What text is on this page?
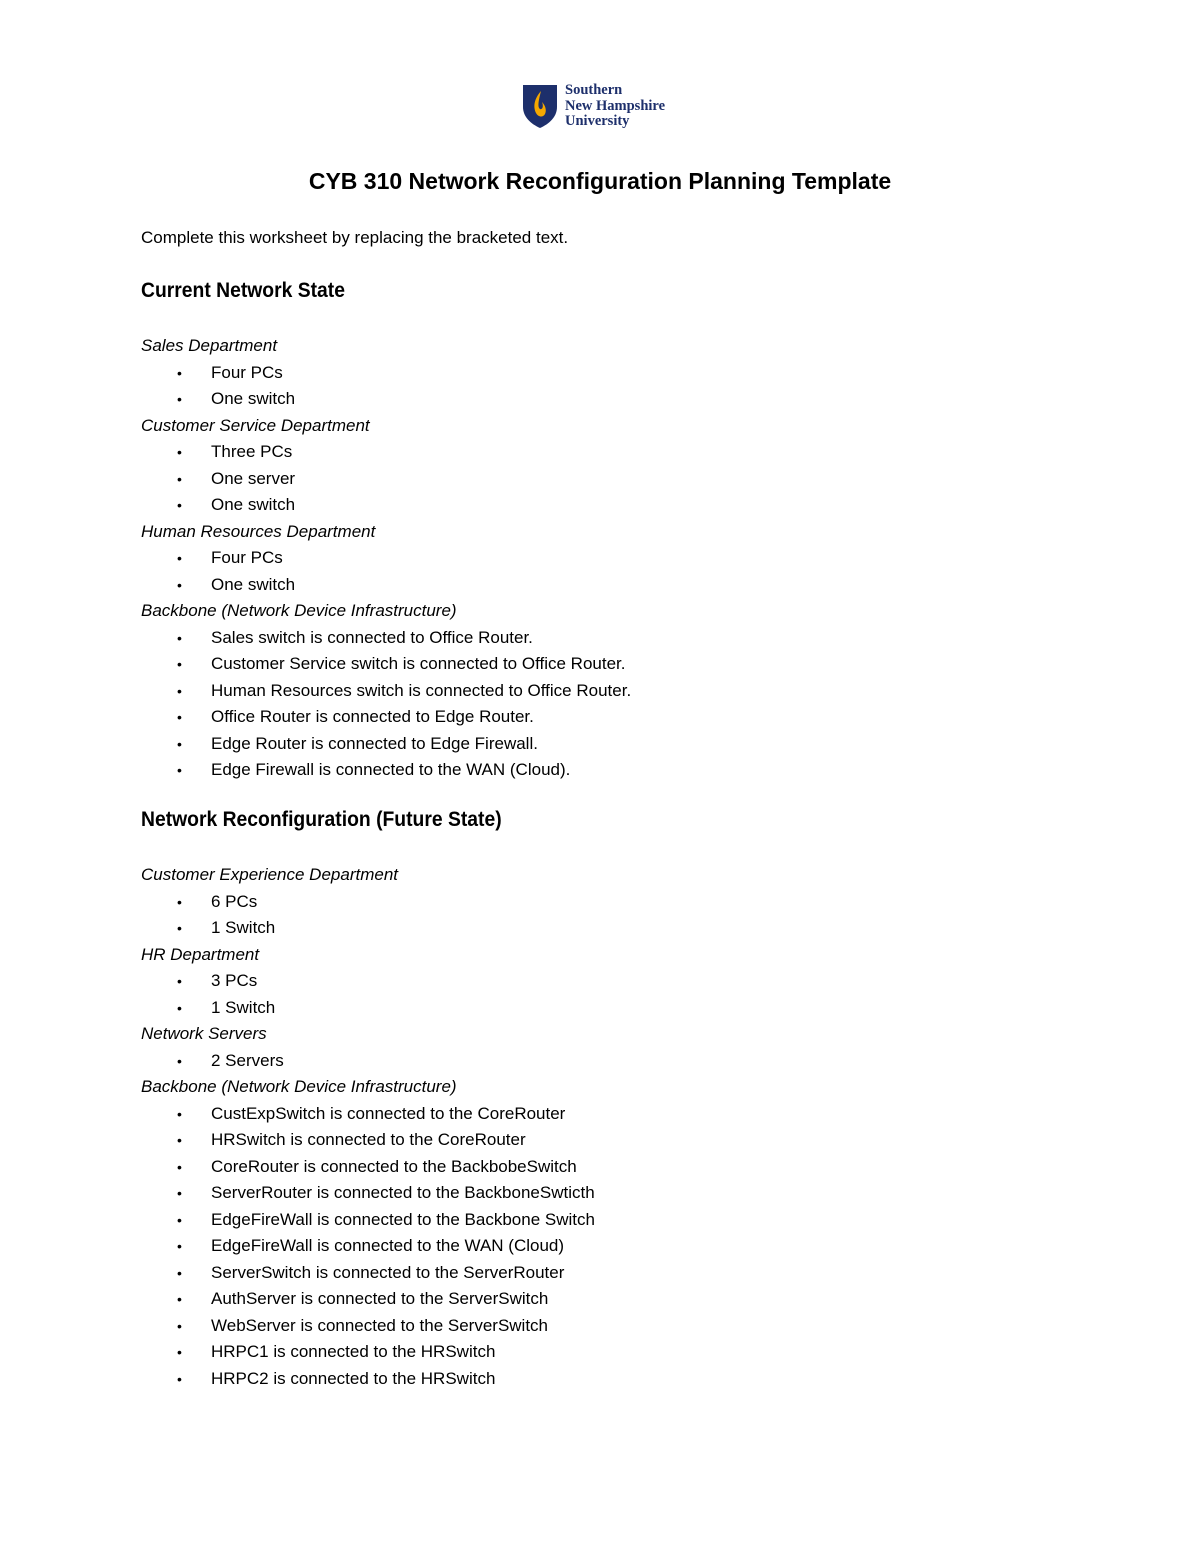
Southern
New Hampshire
University
CYB 310 Network Reconfiguration Planning Template

Complete this worksheet by replacing the bracketed text.

Current Network State

Sales Department

• Four PCs
• One switch

Customer Service Department

• Three PCs
• One server
• One switch

Human Resources Department

• Four PCs
• One switch

Backbone (Network Device Infrastructure)

• Sales switch is connected to Office Router.
• Customer Service switch is connected to Office Router.
• Human Resources switch is connected to Office Router.
• Office Router is connected to Edge Router.
• Edge Router is connected to Edge Firewall.
• Edge Firewall is connected to the WAN (Cloud).
Network Reconfiguration (Future State)

Customer Experience Department

• 6 PCs
• 1 Switch

HR Department

• 3 PCs
• 1 Switch

Network Servers

• 2 Servers

Backbone (Network Device Infrastructure)

• CustExpSwitch is connected to the CoreRouter
• HRSwitch is connected to the CoreRouter
• CoreRouter is connected to the BackbobeSwitch
• ServerRouter is connected to the BackboneSwticth
• EdgeFireWall is connected to the Backbone Switch
• EdgeFireWall is connected to the WAN (Cloud)
• ServerSwitch is connected to the ServerRouter
• AuthServer is connected to the ServerSwitch
• WebServer is connected to the ServerSwitch
• HRPC1 is connected to the HRSwitch
• HRPC2 is connected to the HRSwitch
